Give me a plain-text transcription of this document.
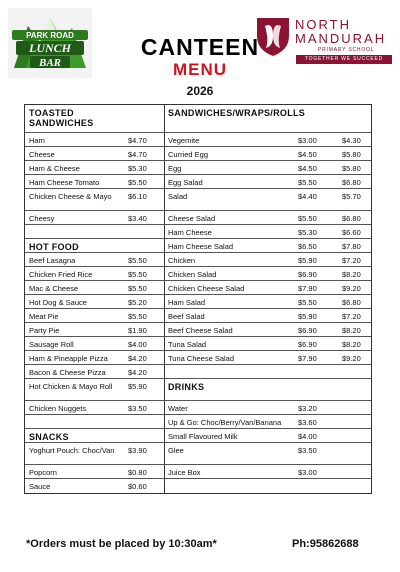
PARK ROAD
LUNCH
BAR
CANTEEN
MENU
2026
NORTH
MANDURAH
PRIMARY SCHOOL
TOGETHER WE SUCCEED
TOASTED SANDWICHES
Ham	$4.70
Cheese	$4.70
Ham & Cheese	$5.30
Ham Cheese Tomato	$5.50
Chicken Cheese & Mayo	$6.10
Cheesy	$3.40
HOT FOOD
Beef Lasagna	$5.50
Chicken Fried Rice	$5.50
Mac & Cheese	$5.50
Hot Dog & Sauce	$5.20
Meat Pie	$5.50
Party Pie	$1.90
Sausage Roll	$4.00
Ham & Pineapple Pizza	$4.20
Bacon & Cheese Pizza	$4.20
Hot Chicken & Mayo Roll	$5.90
Chicken Nuggets	$3.50
SNACKS
Yoghurt Pouch: Choc/Van	$3.90
Popcorn	$0.80
Sauce	$0.60
SANDWICHES/WRAPS/ROLLS
Vegemite	$3.00	$4.30
Curried Egg	$4.50	$5.80
Egg	$4.50	$5.80
Egg Salad	$5.50	$6.80
Salad	$4.40	$5.70
Cheese Salad	$5.50	$6.80
Ham Cheese	$5.30	$6.60
Ham Cheese Salad	$6.50	$7.80
Chicken	$5.90	$7.20
Chicken Salad	$6.90	$8.20
Chicken Cheese Salad	$7.90	$9.20
Ham Salad	$5.50	$6.80
Beef Salad	$5.90	$7.20
Beef Cheese Salad	$6.90	$8.20
Tuna Salad	$6.90	$8.20
Tuna Cheese Salad	$7.90	$9.20
DRINKS
Water	$3.20
Up & Go: Choc/Berry/Van/Banana	$3.60
Small Flavoured Milk	$4.00
Glee	$3.50
Juice Box	$3.00
*Orders must be placed by 10:30am*	Ph:95862688
